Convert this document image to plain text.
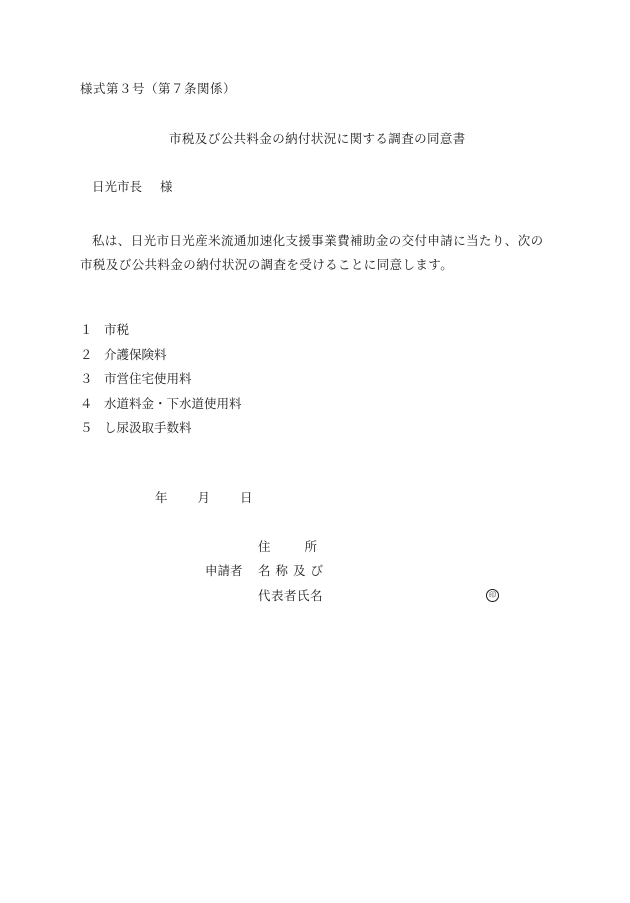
様式第３号（第７条関係）
市税及び公共料金の納付状況に関する調査の同意書
日光市長 様
私は、日光市日光産米流通加速化支援事業費補助金の交付申請に当たり、次の市税及び公共料金の納付状況の調査を受けることに同意します。
１ 市税
２ 介護保険料
３ 市営住宅使用料
４ 水道料金・下水道使用料
５ し尿汲取手数料
年 月 日
住所
申請者 名称及び
代表者氏名	印
